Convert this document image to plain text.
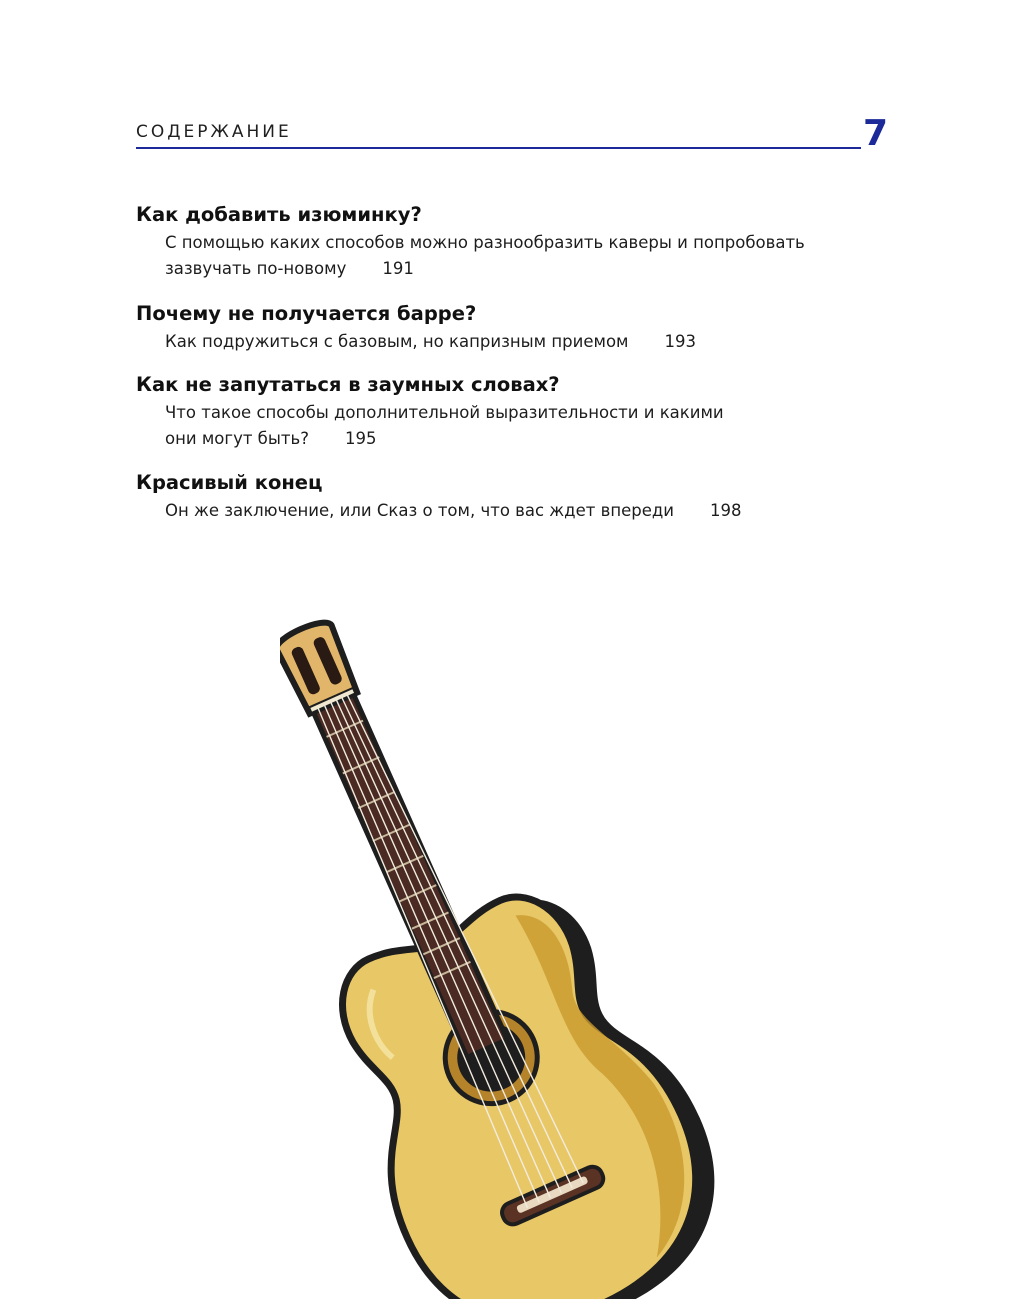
СОДЕРЖАНИЕ	7

Как добавить изюминку?

С помощью каких способов можно разнообразить каверы и попробовать

зазвучать по-новому 191

Почему не получается барре?

Как подружиться с базовым, но капризным приемом 193

Как не запутаться в заумных словах?

Что такое способы дополнительной выразительности и какими

они могут быть? 195

Красивый конец

Он же заключение, или Сказ о том, что вас ждет впереди 198
